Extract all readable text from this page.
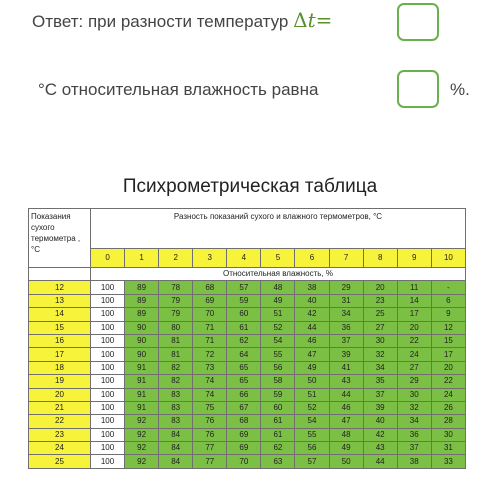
Ответ: при разности температур Δt=
°C относительная влажность равна	%.
Психрометрическая таблица
Показания сухого термометра , °С	Разность показаний сухого и влажного термометров, °С										
	0	1	2	3	4	5	6	7	8	9	10
	Относительная влажность, %										
12	100	89	78	68	57	48	38	29	20	11	-
13	100	89	79	69	59	49	40	31	23	14	6
14	100	89	79	70	60	51	42	34	25	17	9
15	100	90	80	71	61	52	44	36	27	20	12
16	100	90	81	71	62	54	46	37	30	22	15
17	100	90	81	72	64	55	47	39	32	24	17
18	100	91	82	73	65	56	49	41	34	27	20
19	100	91	82	74	65	58	50	43	35	29	22
20	100	91	83	74	66	59	51	44	37	30	24
21	100	91	83	75	67	60	52	46	39	32	26
22	100	92	83	76	68	61	54	47	40	34	28
23	100	92	84	76	69	61	55	48	42	36	30
24	100	92	84	77	69	62	56	49	43	37	31
25	100	92	84	77	70	63	57	50	44	38	33
